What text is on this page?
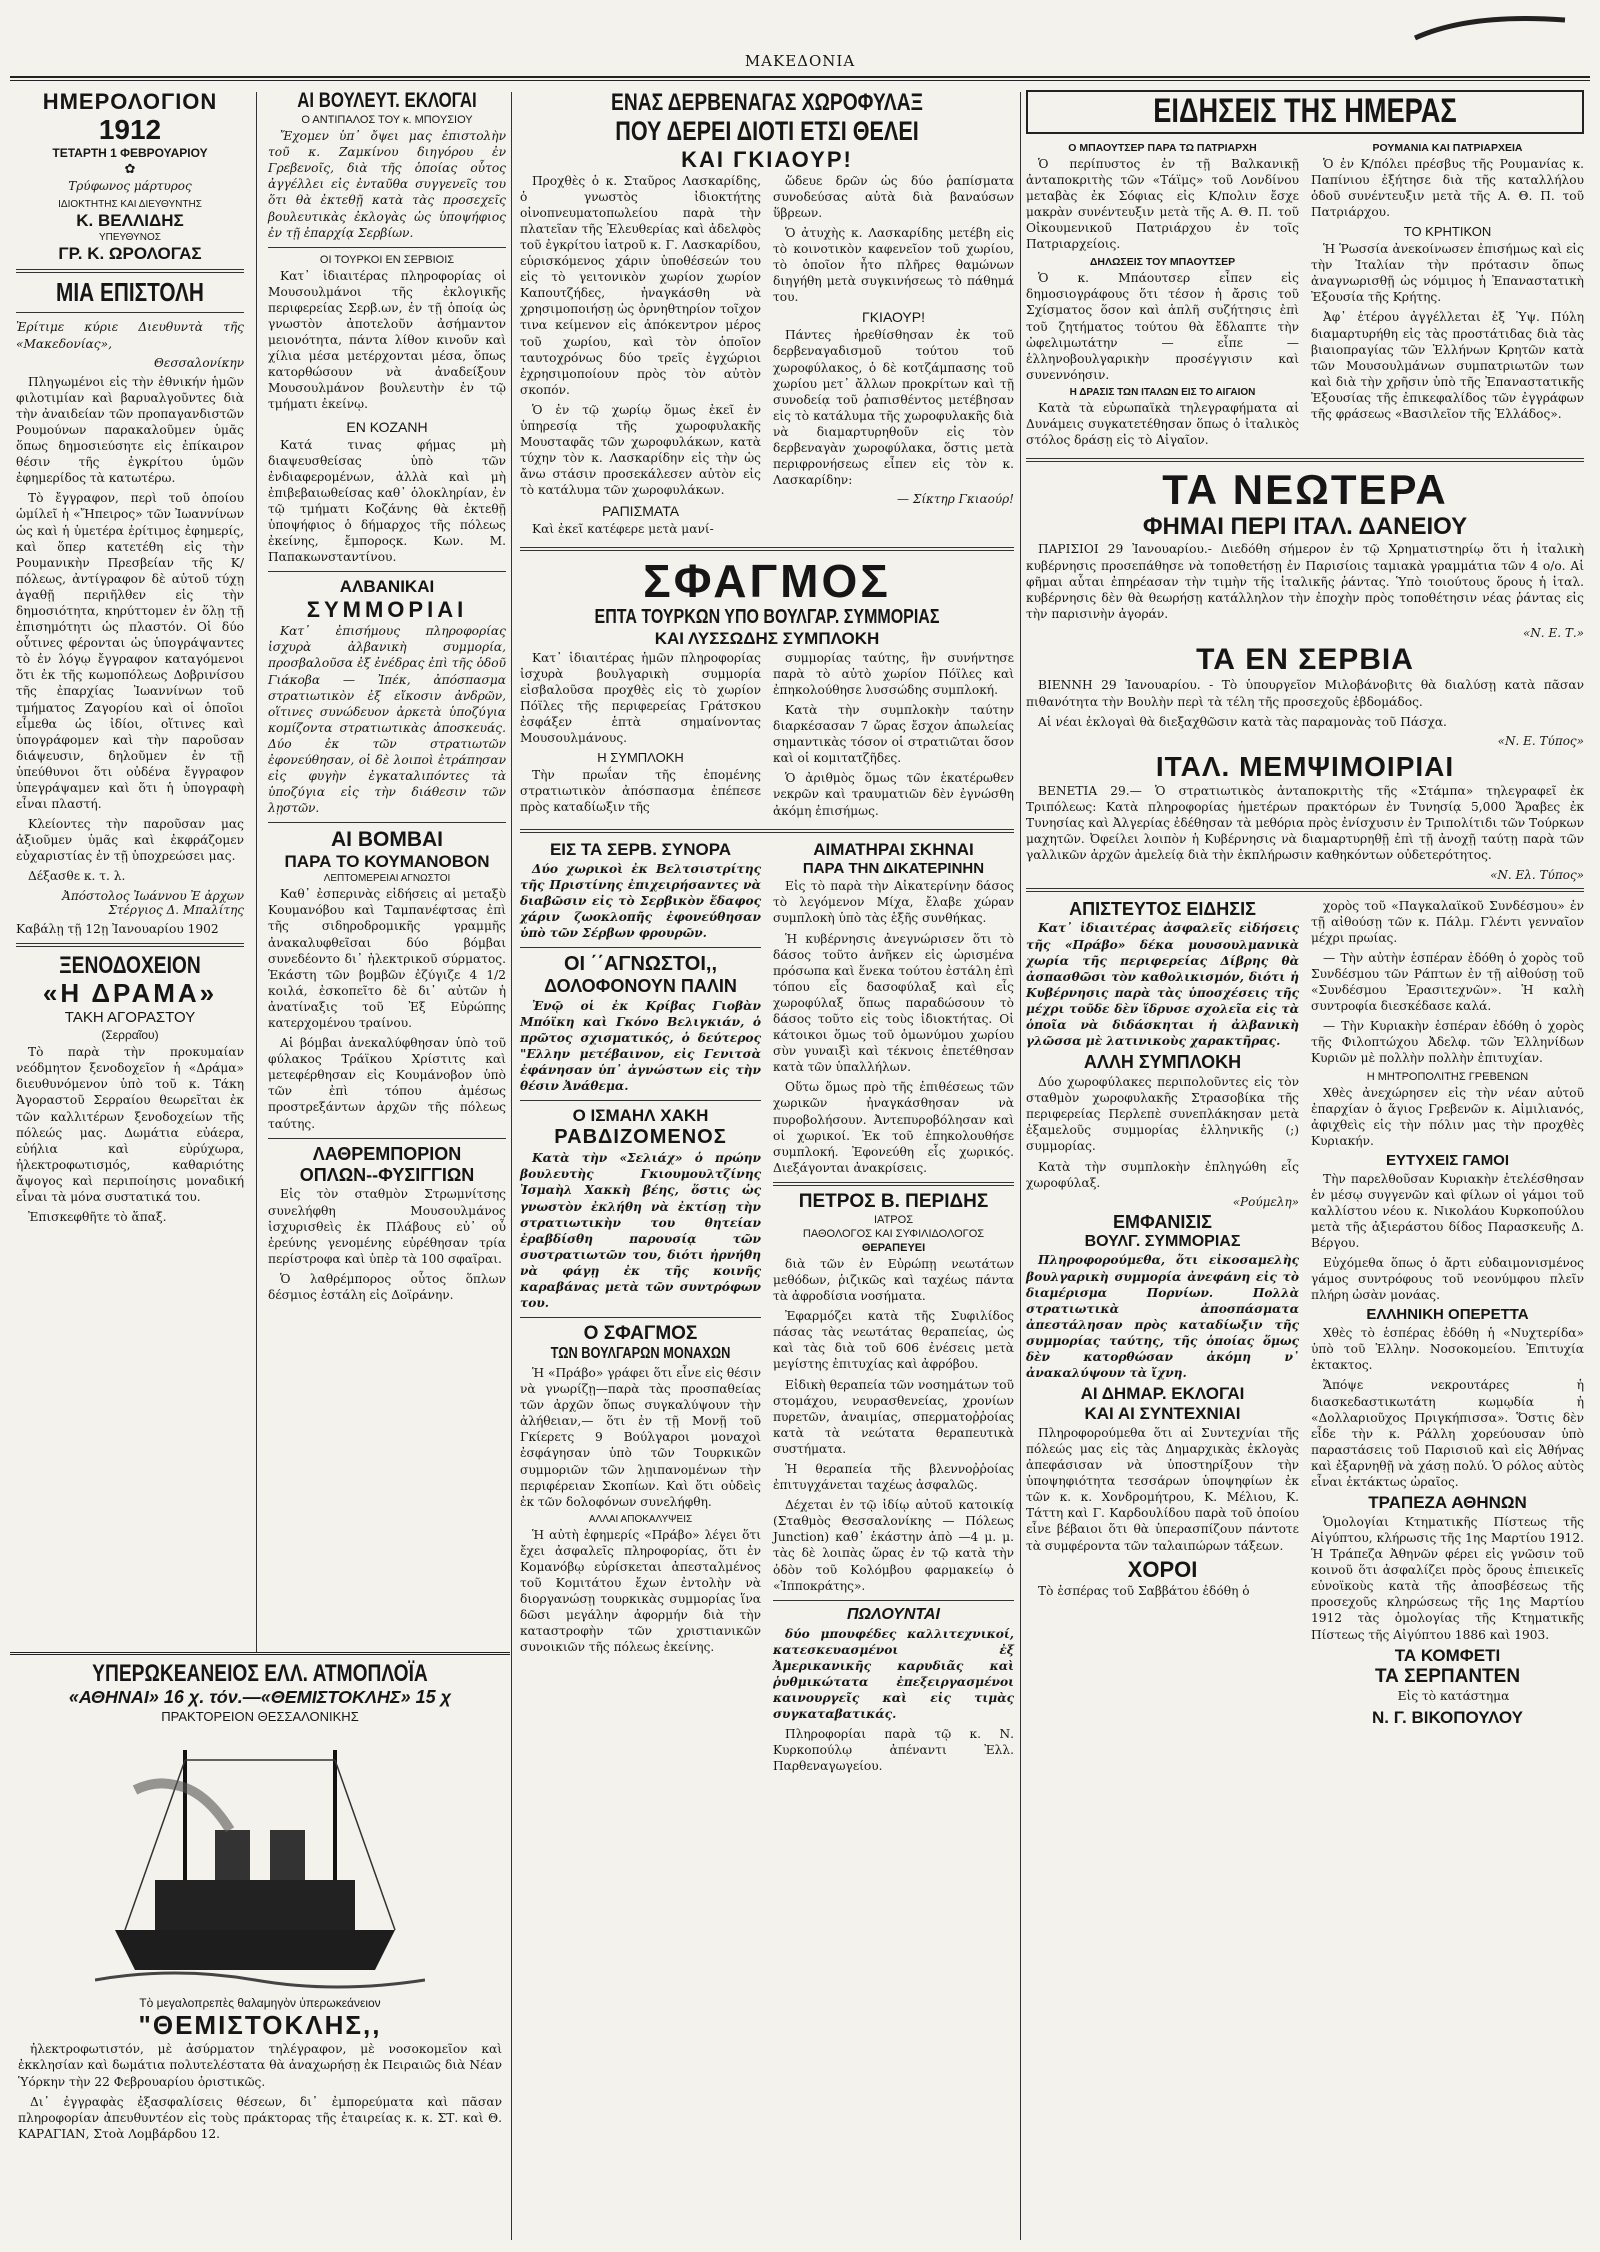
ΜΑΚΕΔΟΝΙΑ
ΗΜΕΡΟΛΟΓΙΟΝ
1912
ΤΕΤΑΡΤΗ 1 ΦΕΒΡΟΥΑΡΙΟΥ
✿
Τρύφωνος μάρτυρος
ΙΔΙΟΚΤΗΤΗΣ ΚΑΙ ΔΙΕΥΘΥΝΤΗΣ
Κ. ΒΕΛΛΙΔΗΣ
ΥΠΕΥΘΥΝΟΣ
ΓΡ. Κ. ΩΡΟΛΟΓΑΣ
ΜΙΑ ΕΠΙΣΤΟΛΗ

Ἐρίτιμε κύριε Διευθυντὰ τῆς «Μακεδονίας»,

Θεσσαλονίκην

Πληγωμένοι εἰς τὴν ἐθνικήν ἡμῶν φιλοτιμίαν καὶ βαρυαλγοῦντες διὰ τὴν ἀναιδείαν τῶν προπαγανδιστῶν Ρουμούνων παρακαλοῦμεν ὑμᾶς ὅπως δημοσιεύσητε εἰς ἐπίκαιρον θέσιν τῆς ἐγκρίτου ὑμῶν ἐφημερίδος τὰ κατωτέρω.

Τὸ ἔγγραφον, περὶ τοῦ ὁποίου ὡμίλεῖ ἡ «Ἤπειρος» τῶν Ἰωαννίνων ὡς καὶ ἡ ὑμετέρα ἐρίτιμος ἐφημερίς, καὶ ὅπερ κατετέθη εἰς τὴν Ρουμανικὴν Πρεσβείαν τῆς Κ/πόλεως, ἀντίγραφον δὲ αὐτοῦ τύχῃ ἀγαθῇ περιῆλθεν εἰς τὴν δημοσιότητα, κηρύττομεν ἐν ὅλῃ τῇ ἐπισημότητι ὡς πλαστόν. Οἱ δύο οὗτινες φέρονται ὡς ὑπογράψαντες τὸ ἐν λόγῳ ἔγγραφον καταγόμενοι ὅτι ἐκ τῆς κωμοπόλεως Δοβρινίσου τῆς ἐπαρχίας Ἰωαννίνων τοῦ τμήματος Ζαγορίου καὶ οἱ ὁποῖοι εἶμεθα ὡς ἰδίοι, οἵτινες καὶ ὑπογράφομεν καὶ τὴν παροῦσαν διάψευσιν, δηλοῦμεν ἐν τῇ ὑπεύθυνοι ὅτι οὐδένα ἔγγραφον ὑπεγράψαμεν καὶ ὅτι ἡ ὑπογραφὴ εἶναι πλαστή.

Κλείοντες τὴν παροῦσαν μας ἀξιοῦμεν ὑμᾶς καὶ ἐκφράζομεν εὐχαριστίας ἐν τῇ ὑποχρεώσει μας.

Δέξασθε κ. τ. λ.

Ἀπόστολος Ἰωάννου Ἐ ἀρχων Στέργιος Δ. Μπαλίτης

Καβάλῃ τῇ 12ῃ Ἰανουαρίου 1902

ΞΕΝΟΔΟΧΕΙΟΝ
«Η ΔΡΑΜΑ»
ΤΑΚΗ ΑΓΟΡΑΣΤΟΥ
(Σερραῖου)

Τὸ παρὰ τὴν προκυμαίαν νεόδμητον ξενοδοχεῖον ἡ «Δράμα» διευθυνόμενον ὑπὸ τοῦ κ. Τάκη Ἀγοραστοῦ Σερραίου θεωρεῖται ἐκ τῶν καλλιτέρων ξενοδοχείων τῆς πόλεώς μας. Δωμάτια εὐάερα, εὐήλια καὶ εὐρύχωρα, ἠλεκτροφωτισμός, καθαριότης ἄψογος καὶ περιποίησις μοναδική εἶναι τὰ μόνα συστατικά του.

Ἐπισκεφθῆτε τὸ ἅπαξ.

ΑΙ ΒΟΥΛΕΥΤ. ΕΚΛΟΓΑΙ
Ο ΑΝΤΙΠΑΛΟΣ ΤΟΥ κ. ΜΠΟΥΣΙΟΥ

Ἔχομεν ὑπ᾽ ὄψει μας ἐπιστολὴν τοῦ κ. Ζαμκίνου διηγόρου ἐν Γρεβενοῖς, διὰ τῆς ὁποίας οὗτος ἀγγέλλει εἰς ἐνταῦθα συγγενεῖς του ὅτι θὰ ἐκτεθῇ κατὰ τὰς προσεχεῖς βουλευτικὰς ἐκλογὰς ὡς ὑποψήφιος ἐν τῇ ἐπαρχίᾳ Σερβίων.

ΟΙ ΤΟΥΡΚΟΙ ΕΝ ΣΕΡΒΙΟΙΣ

Κατ᾽ ἰδιαιτέρας πληροφορίας οἱ Μουσουλμάνοι τῆς ἐκλογικῆς περιφερείας Σερβ.ων, ἐν τῇ ὁποίᾳ ὡς γνωστὸν ἀποτελοῦν ἀσήμαντον μειονότητα, πάντα λίθον κινοῦν καὶ χίλια μέσα μετέρχονται μέσα, ὅπως κατορθώσουν νὰ ἀναδείξουν Μουσουλμάνον βουλευτὴν ἐν τῷ τμήματι ἐκείνῳ.

ΕΝ ΚΟΖΑΝΗ

Κατά τινας φήμας μὴ διαψευσθείσας ὑπὸ τῶν ἐνδιαφερομένων, ἀλλὰ καὶ μὴ ἐπιβεβαιωθείσας καθ᾽ ὁλοκληρίαν, ἐν τῷ τμήματι Κοζάνης θὰ ἐκτεθῇ ὑποψήφιος ὁ δήμαρχος τῆς πόλεως ἐκείνης, ἔμποροςκ. Κων. Μ. Παπακωνσταντίνου.

ΑΛΒΑΝΙΚΑΙ
ΣΥΜΜΟΡΙΑΙ

Κατ᾽ ἐπισήμους πληροφορίας ἰσχυρὰ ἀλβανικὴ συμμορία, προσβαλοῦσα ἐξ ἐνέδρας ἐπὶ τῆς ὁδοῦ Γιάκοβα — Ἰπέκ, ἀπόσπασμα στρατιωτικὸν ἐξ εἴκοσιν ἀνδρῶν, οἵτινες συνώδευον ἀρκετὰ ὑποζύγια κομίζοντα στρατιωτικὰς ἀποσκευάς. Δύο ἐκ τῶν στρατιωτῶν ἐφονεύθησαν, οἱ δὲ λοιποὶ ἐτράπησαν εἰς φυγὴν ἐγκαταλιπόντες τὰ ὑποζύγια εἰς τὴν διάθεσιν τῶν λῃστῶν.

ΑΙ ΒΟΜΒΑΙ
ΠΑΡΑ ΤΟ ΚΟΥΜΑΝΟΒΟΝ
ΛΕΠΤΟΜΕΡΕΙΑΙ ΑΓΝΩΣΤΟΙ

Καθ᾽ ἐσπερινὰς εἰδήσεις αἱ μεταξὺ Κουμανόβου καὶ Ταμπανέφτσας ἐπὶ τῆς σιδηροδρομικῆς γραμμῆς ἀνακαλυφθεῖσαι δύο βόμβαι συνεδέοντο δι᾽ ἠλεκτρικοῦ σύρματος. Ἑκάστη τῶν βομβῶν ἐζύγιζε 4 1/2 κοιλά, ἐσκοπεῖτο δὲ δι᾽ αὐτῶν ἡ ἀνατίναξις τοῦ Ἐξ Εὐρώπης κατερχομένου τραίνου.

Αἱ βόμβαι ἀνεκαλύφθησαν ὑπὸ τοῦ φύλακος Τράϊκου Χρίστιτς καὶ μετεφέρθησαν εἰς Κουμάνοβον ὑπὸ τῶν ἐπὶ τόπου ἀμέσως προστρεξάντων ἀρχῶν τῆς πόλεως ταύτης.

ΛΑΘΡΕΜΠΟΡΙΟΝ
ΟΠΛΩΝ--ΦΥΣΙΓΓΙΩΝ

Εἰς τὸν σταθμὸν Στρωμνίτσης συνελήφθη Μουσουλμάνος ἰσχυρισθεὶς ἐκ Πλάβους εὐ᾽ οὗ ἐρεύνης γενομένης εὑρέθησαν τρία περίστροφα καὶ ὑπὲρ τὰ 100 σφαῖραι.

Ὁ λαθρέμπορος οὗτος ὅπλων δέσμιος ἐστάλη εἰς Δοϊράνην.

ΕΝΑΣ ΔΕΡΒΕΝΑΓΑΣ ΧΩΡΟΦΥΛΑΞ
ΠΟΥ ΔΕΡΕΙ ΔΙΟΤΙ ΕΤΣΙ ΘΕΛΕΙ
ΚΑΙ ΓΚΙΑΟΥΡ!

Προχθὲς ὁ κ. Σταῦρος Λασκαρίδης, ὁ γνωστὸς ἰδιοκτήτης οἰνοπνευματοπωλείου παρὰ τὴν πλατεῖαν τῆς Ἐλευθερίας καὶ ἀδελφὸς τοῦ ἐγκρίτου ἰατροῦ κ. Γ. Λασκαρίδου, εὑρισκόμενος χάριν ὑποθέσεών του εἰς τὸ γειτονικὸν χωρίον χωρίον Καπουτζήδες, ἠναγκάσθη νὰ χρησιμοποιήσῃ ὡς ὀρνηθτηρίον τοῖχον τινα κείμενον εἰς ἀπόκεντρον μέρος τοῦ χωρίου, καὶ τὸν ὁποῖον ταυτοχρόνως δύο τρεῖς ἐγχώριοι ἐχρησιμοποίουν πρὸς τὸν αὐτὸν σκοπόν.

Ὁ ἐν τῷ χωρίῳ ὅμως ἐκεῖ ἐν ὑπηρεσίᾳ τῆς χωροφυλακῆς Μουσταφᾶς τῶν χωροφυλάκων, κατὰ τύχην τὸν κ. Λασκαρίδην εἰς τὴν ὡς ἄνω στάσιν προσεκάλεσεν αὐτὸν εἰς τὸ κατάλυμα τῶν χωροφυλάκων.

ΡΑΠΙΣΜΑΤΑ

Καὶ ἐκεῖ κατέφερε μετὰ μανί-

ὥδευε δρῶν ὡς δύο ῥαπίσματα συνοδεύσας αὐτὰ διὰ βαναύσων ὕβρεων.

Ὁ ἀτυχὴς κ. Λασκαρίδης μετέβη εἰς τὸ κοινοτικὸν καφενεῖον τοῦ χωρίου, τὸ ὁποῖον ἦτο πλῆρες θαμώνων διηγήθη μετὰ συγκινήσεως τὸ πάθημά του.

ΓΚΙΑΟΥΡ!

Πάντες ἠρεθίσθησαν ἐκ τοῦ δερβεναγαδισμοῦ τούτου τοῦ χωροφύλακος, ὁ δὲ κοτζάμπασης τοῦ χωρίου μετ᾽ ἄλλων προκρίτων καὶ τῇ συνοδείᾳ τοῦ ῥαπισθέντος μετέβησαν εἰς τὸ κατάλυμα τῆς χωροφυλακῆς διὰ νὰ διαμαρτυρηθοῦν εἰς τὸν δερβεναγὰν χωροφύλακα, ὅστις μετὰ περιφρονήσεως εἶπεν εἰς τὸν κ. Λασκαρίδην:

— Σίκτηρ Γκιαούρ!

ΣΦΑΓΜΟΣ
ΕΠΤΑ ΤΟΥΡΚΩΝ ΥΠΟ ΒΟΥΛΓΑΡ. ΣΥΜΜΟΡΙΑΣ
ΚΑΙ ΛΥΣΣΩΔΗΣ ΣΥΜΠΛΟΚΗ

Κατ᾽ ἰδιαιτέρας ἡμῶν πληροφορίας ἰσχυρὰ βουλγαρικὴ συμμορία εἰσβαλοῦσα προχθὲς εἰς τὸ χωρίον Πόϊλες τῆς περιφερείας Γράτσκου ἐσφάξεν ἑπτὰ σημαίνοντας Μουσουλμάνους.

Η ΣΥΜΠΛΟΚΗ

Τὴν πρωΐαν τῆς ἐπομένης στρατιωτικὸν ἀπόσπασμα ἐπέπεσε πρὸς καταδίωξιν τῆς

συμμορίας ταύτης, ἣν συνήντησε παρὰ τὸ αὐτὸ χωρίον Πόϊλες καὶ ἐπηκολούθησε λυσσώδης συμπλοκή.

Κατὰ τὴν συμπλοκὴν ταύτην διαρκέσασαν 7 ὥρας ἔσχον ἀπωλείας σημαντικὰς τόσον οἱ στρατιῶται ὅσον καὶ οἱ κομιτατζῆδες.

Ὁ ἀριθμὸς ὅμως τῶν ἑκατέρωθεν νεκρῶν καὶ τραυματιῶν δὲν ἐγνώσθη ἀκόμη ἐπισήμως.

ΕΙΣ ΤΑ ΣΕΡΒ. ΣΥΝΟΡΑ

Δύο χωρικοὶ ἐκ Βελτσιστρίτης τῆς Πριστίνης ἐπιχειρήσαντες νὰ διαβῶσιν εἰς τὸ Σερβικὸν ἔδαφος χάριν ζωοκλοπῆς ἐφονεύθησαν ὑπὸ τῶν Σέρβων φρουρῶν.

ΟΙ ΄΄ΑΓΝΩΣΤΟΙ,,
ΔΟΛΟΦΟΝΟΥΝ ΠΑΛΙΝ

Ἐνῷ οἱ ἐκ Κρίβας Γιοβὰν Μπόϊκη καὶ Γκόνο Βελιγκιάν, ὁ πρῶτος σχισματικός, ὁ δεύτερος "Ελλην μετέβαινον, εἰς Γενιτσὰ ἐφάνησαν ὑπ᾽ ἀγνώστων εἰς τὴν θέσιν Ἀνάθεμα.

Ο ΙΣΜΑΗΛ ΧΑΚΗ
ΡΑΒΔΙΖΟΜΕΝΟΣ

Κατὰ τὴν «Σελιάχ» ὁ πρώην βουλευτὴς Γκιουμουλτζίνης Ἰσμαὴλ Χακκὴ βέης, ὅστις ὡς γνωστὸν ἐκλήθη νὰ ἐκτίσῃ τὴν στρατιωτικὴν του θητείαν ἐραβδίσθη παρουσίᾳ τῶν συστρατιωτῶν του, διότι ἠρνήθη νὰ φάγῃ ἐκ τῆς κοινῆς καραβάνας μετὰ τῶν συντρόφων του.

Ο ΣΦΑΓΜΟΣ
ΤΩΝ ΒΟΥΛΓΑΡΩΝ ΜΟΝΑΧΩΝ

Ἡ «Πράβο» γράφει ὅτι εἶνε εἰς θέσιν νὰ γνωρίζῃ—παρὰ τὰς προσπαθείας τῶν ἀρχῶν ὅπως συγκαλύψουν τὴν ἀλήθειαν,— ὅτι ἐν τῇ Μονῇ τοῦ Γκίερετς 9 Βούλγαροι μοναχοὶ ἐσφάγησαν ὑπὸ τῶν Τουρκικῶν συμμοριῶν τῶν λῃιπανομένων τὴν περιφέρειαν Σκοπίων. Καὶ ὅτι οὐδεὶς ἐκ τῶν δολοφόνων συνελήφθη.

ΑΛΛΑΙ ΑΠΟΚΑΛΥΨΕΙΣ

Ἡ αὐτὴ ἐφημερίς «Πράβο» λέγει ὅτι ἔχει ἀσφαλεῖς πληροφορίας, ὅτι ἐν Κομανόβῳ εὑρίσκεται ἀπεσταλμένος τοῦ Κομιτάτου ἔχων ἐντολὴν νὰ διοργανώσῃ τουρκικὰς συμμορίας ἵνα δῶσι μεγάλην ἀφορμήν διὰ τὴν καταστροφὴν τῶν χριστιανικῶν συνοικιῶν τῆς πόλεως ἐκείνης.

ΑΙΜΑΤΗΡΑΙ ΣΚΗΝΑΙ
ΠΑΡΑ ΤΗΝ ΔΙΚΑΤΕΡΙΝΗΝ

Εἰς τὸ παρὰ τὴν Αἰκατερίνην δάσος τὸ λεγόμενον Μίχα, ἔλαβε χώραν συμπλοκὴ ὑπὸ τὰς ἑξῆς συνθήκας.

Ἡ κυβέρνησις ἀνεγνώρισεν ὅτι τὸ δάσος τοῦτο ἀνῆκεν εἰς ὡρισμένα πρόσωπα καὶ ἕνεκα τούτου ἐστάλη ἐπὶ τόπου εἷς δασοφύλαξ καὶ εἷς χωροφύλαξ ὅπως παραδώσουν τὸ δάσος τοῦτο εἰς τοὺς ἰδιοκτήτας. Οἱ κάτοικοι ὅμως τοῦ ὁμωνύμου χωρίου σὺν γυναιξὶ καὶ τέκνοις ἐπετέθησαν κατὰ τῶν ὑπαλλήλων.

Οὕτω ὅμως πρὸ τῆς ἐπιθέσεως τῶν χωρικῶν ἠναγκάσθησαν νὰ πυροβολήσουν. Ἀντεπυροβόλησαν καὶ οἱ χωρικοί. Ἐκ τοῦ ἐπηκολουθήσε συμπλοκή. Ἐφονεύθη εἷς χωρικός. Διεξάγονται ἀνακρίσεις.

ΠΕΤΡΟΣ Β. ΠΕΡΙΔΗΣ
ΙΑΤΡΟΣ
ΠΑΘΟΛΟΓΟΣ ΚΑΙ ΣΥΦΙΛΙΔΟΛΟΓΟΣ
ΘΕΡΑΠΕΥΕΙ

διὰ τῶν ἐν Εὐρώπῃ νεωτάτων μεθόδων, ῥιζικῶς καὶ ταχέως πάντα τὰ ἀφροδίσια νοσήματα.

Ἐφαρμόζει κατὰ τῆς Συφιλίδος πάσας τὰς νεωτάτας θεραπείας, ὡς καὶ τὰς διὰ τοῦ 606 ἐνέσεις μετὰ μεγίστης ἐπιτυχίας καὶ ἀφρόβου.

Εἰδικὴ θεραπεία τῶν νοσημάτων τοῦ στομάχου, νευρασθενείας, χρονίων πυρετῶν, ἀναιμίας, σπερματοῤῥοίας κατὰ τὰ νεώτατα θεραπευτικὰ συστήματα.

Ἡ θεραπεία τῆς βλεννοῤῥοίας ἐπιτυγχάνεται ταχέως ἀσφαλῶς.

Δέχεται ἐν τῷ ἰδίῳ αὐτοῦ κατοικίᾳ (Σταθμὸς Θεσσαλονίκης — Πόλεως Junction) καθ᾽ ἑκάστην ἀπὸ —4 μ. μ. τὰς δὲ λοιπὰς ὥρας ἐν τῷ κατὰ τὴν ὁδὸν τοῦ Κολόμβου φαρμακείῳ ὁ «Ἱπποκράτης».

ΠΩΛΟΥΝΤΑΙ

δύο μπουφέδες καλλιτεχνικοί, κατεσκευασμένοι ἐξ Ἀμερικανικῆς καρυδιᾶς καὶ ῥυθμικώτατα ἐπεξειργασμένοι καινουργεῖς καὶ εἰς τιμὰς συγκαταβατικάς.

Πληροφορίαι παρὰ τῷ κ. Ν. Κυρκοπούλῳ ἀπέναντι Ἐλλ. Παρθεναγωγείου.

ΕΙΔΗΣΕΙΣ ΤΗΣ ΗΜΕΡΑΣ
Ο ΜΠΑΟΥΤΣΕΡ ΠΑΡΑ ΤΩ ΠΑΤΡΙΑΡΧΗ

Ὁ περίπυστος ἐν τῇ Βαλκανικῇ ἀνταποκριτὴς τῶν «Τάϊμς» τοῦ Λονδίνου μεταβὰς ἐκ Σόφιας εἰς Κ/πολιν ἔσχε μακρὰν συνέντευξιν μετὰ τῆς Α. Θ. Π. τοῦ Οἰκουμενικοῦ Πατριάρχου ἐν τοῖς Πατριαρχείοις.

ΔΗΛΩΣΕΙΣ ΤΟΥ ΜΠΑΟΥΤΣΕΡ

Ὁ κ. Μπάουτσερ εἶπεν εἰς δημοσιογράφους ὅτι τέσον ἡ ἄρσις τοῦ Σχίσματος ὅσον καὶ ἁπλῆ συζήτησις ἐπὶ τοῦ ζητήματος τούτου θὰ ἔδλαπτε τὴν ὠφελιμωτάτην — εἶπε — ἑλληνοβουλγαρικὴν προσέγγισιν καὶ συνεννόησιν.

Η ΔΡΑΣΙΣ ΤΩΝ ΙΤΑΛΩΝ ΕΙΣ ΤΟ ΑΙΓΑΙΟΝ

Κατὰ τὰ εὐρωπαϊκὰ τηλεγραφήματα αἱ Δυνάμεις συγκατετέθησαν ὅπως ὁ ἰταλικὸς στόλος δράσῃ εἰς τὸ Αἰγαῖον.

ΡΟΥΜΑΝΙΑ ΚΑΙ ΠΑΤΡΙΑΡΧΕΙΑ

Ὁ ἐν Κ/πόλει πρέσβυς τῆς Ρουμανίας κ. Παπίνιου ἐξήτησε διὰ τῆς καταλλήλου ὁδοῦ συνέντευξιν μετὰ τῆς Α. Θ. Π. τοῦ Πατριάρχου.

ΤΟ ΚΡΗΤΙΚΟΝ

Ἡ Ῥωσσία ἀνεκοίνωσεν ἐπισήμως καὶ εἰς τὴν Ἰταλίαν τὴν πρότασιν ὅπως ἀναγνωρισθῇ ὡς νόμιμος ἡ Ἐπαναστατικὴ Ἐξουσία τῆς Κρήτης.

Ἀφ᾽ ἑτέρου ἀγγέλλεται ἐξ Ὑψ. Πύλη διαμαρτυρήθη εἰς τὰς προστάτιδας διὰ τὰς βιαιοπραγίας τῶν Ἑλλήνων Κρητῶν κατὰ τῶν Μουσουλμάνων συμπατριωτῶν των καὶ διὰ τὴν χρῆσιν ὑπὸ τῆς Ἐπαναστατικῆς Ἐξουσίας τῆς ἐπικεφαλίδος τῶν ἐγγράφων τῆς φράσεως «Βασιλεῖον τῆς Ἑλλάδος».

ΤΑ ΝΕΩΤΕΡΑ
ΦΗΜΑΙ ΠΕΡΙ ΙΤΑΛ. ΔΑΝΕΙΟΥ

ΠΑΡΙΣΙΟΙ 29 Ἰανουαρίου.- Διεδόθη σήμερον ἐν τῷ Χρηματιστηρίῳ ὅτι ἡ ἰταλικὴ κυβέρνησις προσεπάθησε νὰ τοποθετήσῃ ἐν Παρισίοις ταμιακὰ γραμμάτια τῶν 4 ο/ο. Αἱ φῆμαι αὗται ἐπηρέασαν τὴν τιμὴν τῆς ἰταλικῆς ῥάντας. Ὑπὸ τοιούτους ὅρους ἡ ἰταλ. κυβέρνησις δὲν θὰ θεωρήσῃ κατάλληλον τὴν ἐποχὴν πρὸς τοποθέτησιν νέας ῥάντας εἰς τὴν παρισινὴν ἀγοράν.

«Ν. Ε. Τ.»

ΤΑ ΕΝ ΣΕΡΒΙΑ

ΒΙΕΝΝΗ 29 Ἰανουαρίου. - Τὸ ὑπουργεῖον Μιλοβάνοβιτς θὰ διαλύσῃ κατὰ πᾶσαν πιθανότητα τὴν Βουλὴν περὶ τὰ τέλη τῆς προσεχοῦς ἑβδομάδος.

Αἱ νέαι ἐκλογαὶ θὰ διεξαχθῶσιν κατὰ τὰς παραμονὰς τοῦ Πάσχα.

«Ν. Ε. Τύπος»

ΙΤΑΛ. ΜΕΜΨΙΜΟΙΡΙΑΙ

ΒΕΝΕΤΙΑ 29.— Ὁ στρατιωτικὸς ἀνταποκριτὴς τῆς «Στάμπα» τηλεγραφεῖ ἐκ Τριπόλεως: Κατὰ πληροφορίας ἡμετέρων πρακτόρων ἐν Τυνησίᾳ 5,000 Ἄραβες ἐκ Τυνησίας καὶ Ἀλγερίας ἐδέθησαν τὰ μεθόρια πρὸς ἐνίσχυσιν ἐν Τριπολίτιδι τῶν Τούρκων μαχητῶν. Ὀφείλει λοιπὸν ἡ Κυβέρνησις νὰ διαμαρτυρηθῇ ἐπὶ τῇ ἀνοχῇ ταύτῃ παρὰ τῶν γαλλικῶν ἀρχῶν ἀμελείᾳ διὰ τὴν ἐκπλήρωσιν καθηκόντων οὐδετερότητος.

«Ν. Ελ. Τύπος»

ΑΠΙΣΤΕΥΤΟΣ ΕΙΔΗΣΙΣ

Κατ᾽ ἰδιαιτέρας ἀσφαλεῖς εἰδήσεις τῆς «Πράβο» δέκα μουσουλμανικὰ χωρία τῆς περιφερείας Δίβρης θὰ ἀσπασθῶσι τὸν καθολικισμόν, διότι ἡ Κυβέρνησις παρὰ τὰς ὑποσχέσεις τῆς μέχρι τοῦδε δὲν ἵδρυσε σχολεῖα εἰς τὰ ὁποῖα νὰ διδάσκηται ἡ ἀλβανικὴ γλῶσσα μὲ λατινικοὺς χαρακτῆρας.

ΑΛΛΗ ΣΥΜΠΛΟΚΗ

Δύο χωροφύλακες περιπολοῦντες εἰς τὸν σταθμὸν χωροφυλακῆς Στρασοβίκα τῆς περιφερείας Περλεπὲ συνεπλάκησαν μετὰ ἐξαμελοῦς συμμορίας ἑλληνικῆς (;) συμμορίας.

Κατὰ τὴν συμπλοκὴν ἐπληγώθη εἷς χωροφύλαξ.

«Ρούμελη»

ΕΜΦΑΝΙΣΙΣ
ΒΟΥΛΓ. ΣΥΜΜΟΡΙΑΣ

Πληροφορούμεθα, ὅτι εἰκοσαμελὴς βουλγαρικὴ συμμορία ἀνεφάνη εἰς τὸ διαμέρισμα Πορνίων. Πολλὰ στρατιωτικὰ ἀποσπάσματα ἀπεστάλησαν πρὸς καταδίωξιν τῆς συμμορίας ταύτης, τῆς ὁποίας ὅμως δὲν κατορθώσαν ἀκόμη ν᾽ ἀνακαλύψουν τὰ ἴχνη.

ΑΙ ΔΗΜΑΡ. ΕΚΛΟΓΑΙ
ΚΑΙ ΑΙ ΣΥΝΤΕΧΝΙΑΙ

Πληροφορούμεθα ὅτι αἱ Συντεχνίαι τῆς πόλεώς μας εἰς τὰς Δημαρχικὰς ἐκλογὰς ἀπεφάσισαν νὰ ὑποστηρίξουν τὴν ὑποψηφιότητα τεσσάρων ὑποψηφίων ἐκ τῶν κ. κ. Χονδρομήτρου, Κ. Μέλιου, Κ. Τάττη καὶ Γ. Καρδουλίδου παρὰ τοῦ ὁποίου εἶνε βέβαιοι ὅτι θὰ ὑπερασπίζουν πάντοτε τὰ συμφέροντα τῶν ταλαιπώρων τάξεων.

ΧΟΡΟΙ

Τὸ ἑσπέρας τοῦ Σαββάτου ἐδόθη ὁ

χορὸς τοῦ «Παγκαλαϊκοῦ Συνδέσμου» ἐν τῇ αἰθούσῃ τῶν κ. Πάλμ. Γλέντι γενναῖον μέχρι πρωίας.

— Τὴν αὐτὴν ἑσπέραν ἐδόθη ὁ χορὸς τοῦ Συνδέσμου τῶν Ράπτων ἐν τῇ αἰθούσῃ τοῦ «Συνδέσμου Ἐρασιτεχνῶν». Ἡ καλὴ συντροφία διεσκέδασε καλά.

— Τὴν Κυριακὴν ἑσπέραν ἐδόθη ὁ χορὸς τῆς Φιλοπτώχου Ἀδελφ. τῶν Ἑλληνίδων Κυριῶν μὲ πολλὴν πολλὴν ἐπιτυχίαν.

Η ΜΗΤΡΟΠΟΛΙΤΗΣ ΓΡΕΒΕΝΩΝ

Χθὲς ἀνεχώρησεν εἰς τὴν νέαν αὐτοῦ ἐπαρχίαν ὁ ἅγιος Γρεβενῶν κ. Αἰμιλιανός, ἀφιχθεὶς εἰς τὴν πόλιν μας τὴν προχθὲς Κυριακήν.

ΕΥΤΥΧΕΙΣ ΓΑΜΟΙ

Τὴν παρελθοῦσαν Κυριακὴν ἐτελέσθησαν ἐν μέσῳ συγγενῶν καὶ φίλων οἱ γάμοι τοῦ καλλίστου νέου κ. Νικολάου Κυρκοπούλου μετὰ τῆς ἀξιεράστου δίδος Παρασκευῆς Δ. Βέργου.

Εὐχόμεθα ὅπως ὁ ἄρτι εὐδαιμονισμένος γάμος συντρόφους τοῦ νεονύμφου πλεῖν πλήρη ὡσὰν μονάας.

ΕΛΛΗΝΙΚΗ ΟΠΕΡΕΤΤΑ

Χθὲς τὸ ἑσπέρας ἐδόθη ἡ «Νυχτερίδα» ὑπὸ τοῦ Ἑλλην. Νοσοκομείου. Ἐπιτυχία ἐκτακτος.

Ἄπόψε νεκρουτάρες ἡ διασκεδαστικωτάτη κωμῳδία ἡ «Δολλαριοῦχος Πριγκήπισσα». Ὅστις δὲν εἶδε τὴν κ. Ράλλη χορεύουσαν ὑπὸ παραστάσεις τοῦ Παρισιοῦ καὶ εἰς Ἀθήνας καὶ ἐξαρνηθῇ νὰ χάσῃ πολύ. Ὁ ρόλος αὐτὸς εἶναι ἐκτάκτως ὡραῖος.

ΤΡΑΠΕΖΑ ΑΘΗΝΩΝ

Ὁμολογίαι Κτηματικῆς Πίστεως τῆς Αἰγύπτου, κλήρωσις τῆς 1ης Μαρτίου 1912. Ἡ Τράπεζα Ἀθηνῶν φέρει εἰς γνῶσιν τοῦ κοινοῦ ὅτι ἀσφαλίζει πρὸς ὅρους ἐπιεικεῖς εὐνοϊκοὺς κατὰ τῆς ἀποσβέσεως τῆς προσεχοῦς κληρώσεως τῆς 1ης Μαρτίου 1912 τὰς ὁμολογίας τῆς Κτηματικῆς Πίστεως τῆς Αἰγύπτου 1886 καὶ 1903.

ΤΑ ΚΟΜΦΕΤΙ
ΤΑ ΣΕΡΠΑΝΤΕΝ

Εἰς τὸ κατάστημα

Ν. Γ. ΒΙΚΟΠΟΥΛΟΥ
ΥΠΕΡΩΚΕΑΝΕΙΟΣ ΕΛΛ. ΑΤΜΟΠΛΟΪΑ
«ΑΘΗΝΑΙ» 16 χ. τόν.—«ΘΕΜΙΣΤΟΚΛΗΣ» 15 χ
ΠΡΑΚΤΟΡΕΙΟΝ ΘΕΣΣΑΛΟΝΙΚΗΣ
Τὸ μεγαλοπρεπὲς θαλαμηγὸν ὑπερωκεάνειον
"ΘΕΜΙΣΤΟΚΛΗΣ,,

ἠλεκτροφωτιστόν, μὲ ἀσύρματον τηλέγραφον, μὲ νοσοκομεῖον καὶ ἐκκλησίαν καὶ δωμάτια πολυτελέστατα θὰ ἀναχωρήσῃ ἐκ Πειραιῶς διὰ Νέαν Ὑόρκην τὴν 22 Φεβρουαρίου ὁριστικῶς.

Δι᾽ ἐγγραφὰς ἐξασφαλίσεις θέσεων, δι᾽ ἐμπορεύματα καὶ πᾶσαν πληροφορίαν ἀπευθυντέον εἰς τοὺς πράκτορας τῆς ἑταιρείας κ. κ. ΣΤ. καὶ Θ. ΚΑΡΑΓΙΑΝ, Στοὰ Λομβάρδου 12.
